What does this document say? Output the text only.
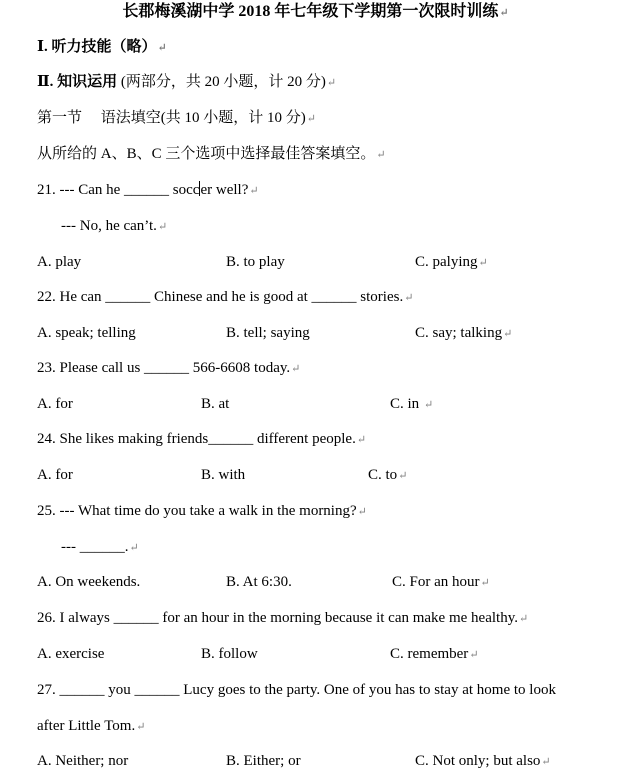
长郡梅溪湖中学 2018 年七年级下学期第一次限时训练↵
Ⅰ. 听力技能（略）↵
Ⅱ. 知识运用 (两部分，共 20 小题，计 20 分)↵
第一节     语法填空(共 10 小题，计 10 分)↵
从所给的 A、B、C 三个选项中选择最佳答案填空。↵
21. --- Can he ______ soccer well?↵
--- No, he can’t.↵
A. play	B. to play	C. palying↵
22. He can ______ Chinese and he is good at ______ stories.↵
A. speak; telling	B. tell; saying	C. say; talking↵
23. Please call us ______ 566-6608 today.↵
A. for	B. at	C. in ↵
24. She likes making friends______ different people.↵
A. for	B. with	C. to↵
25. --- What time do you take a walk in the morning?↵
--- ______.↵
A. On weekends.	B. At 6:30.	C. For an hour↵
26. I always ______ for an hour in the morning because it can make me healthy.↵
A. exercise	B. follow	C. remember↵
27. ______ you ______ Lucy goes to the party. One of you has to stay at home to look
after Little Tom.↵
A. Neither; nor	B. Either; or	C. Not only; but also↵
